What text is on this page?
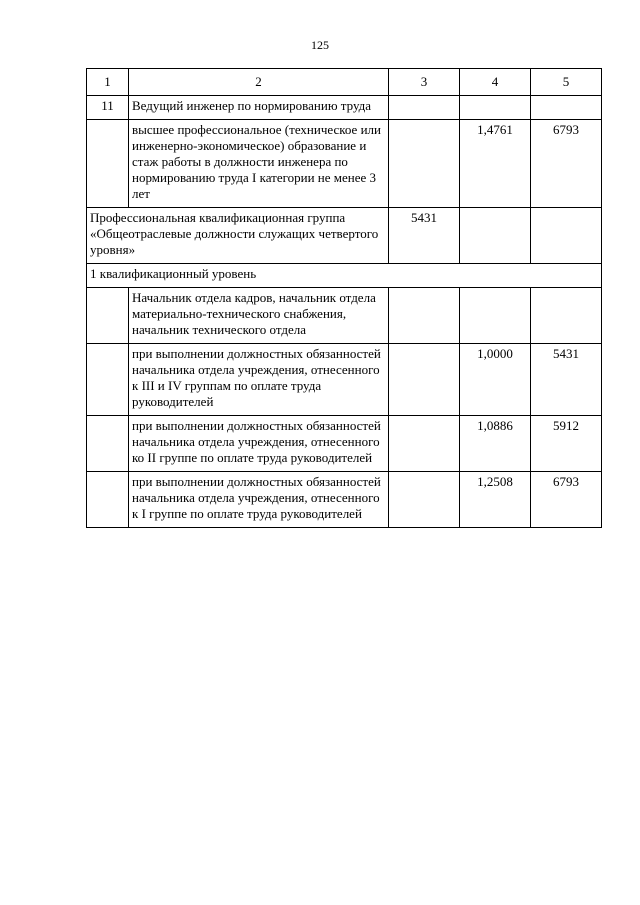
125
1	2	3	4	5
11	Ведущий инженер по нормированию труда			
	высшее профессиональное (техническое или инженерно-экономическое) образование и стаж работы в должности инженера по нормированию труда I категории не менее 3 лет		1,4761	6793
Профессиональная квалификационная группа «Общеотраслевые должности служащих четвертого уровня»		5431		
1 квалификационный уровень				
	Начальник отдела кадров, начальник отдела материально-технического снабжения, начальник технического отдела			
	при выполнении должностных обязанностей начальника отдела учреждения, отнесенного к III и IV группам по оплате труда руководителей		1,0000	5431
	при выполнении должностных обязанностей начальника отдела учреждения, отнесенного ко II группе по оплате труда руководителей		1,0886	5912
	при выполнении должностных обязанностей начальника отдела учреждения, отнесенного к I группе по оплате труда руководителей		1,2508	6793
